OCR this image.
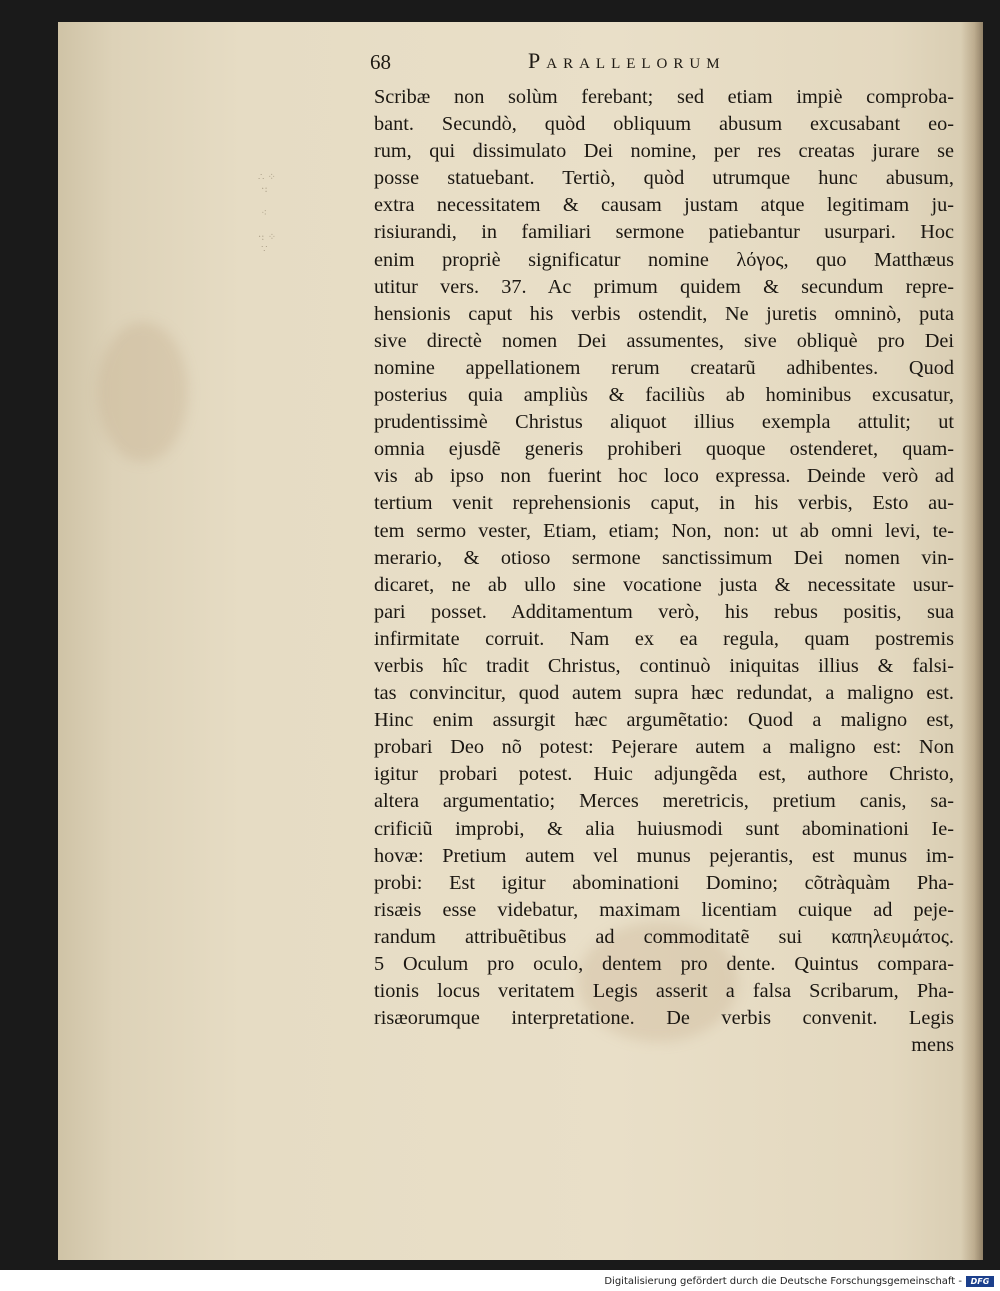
∴ ⁘
·:

⁖

·: ⁘
∵
68	Parallelorum
Scribæ non solùm ferebant; sed etiam impiè comproba-
bant. Secundò, quòd obliquum abusum excusabant eo-
rum, qui dissimulato Dei nomine, per res creatas jurare se
posse statuebant. Tertiò, quòd utrumque hunc abusum,
extra necessitatem & causam justam atque legitimam ju-
risiurandi, in familiari sermone patiebantur usurpari. Hoc
enim propriè significatur nomine λόγος, quo Matthæus
utitur vers. 37. Ac primum quidem & secundum repre-
hensionis caput his verbis ostendit, Ne juretis omninò, puta
sive directè nomen Dei assumentes, sive obliquè pro Dei
nomine appellationem rerum creatarũ adhibentes. Quod
posterius quia ampliùs & faciliùs ab hominibus excusatur,
prudentissimè Christus aliquot illius exempla attulit; ut
omnia ejusdẽ generis prohiberi quoque ostenderet, quam-
vis ab ipso non fuerint hoc loco expressa. Deinde verò ad
tertium venit reprehensionis caput, in his verbis, Esto au-
tem sermo vester, Etiam, etiam; Non, non: ut ab omni levi, te-
merario, & otioso sermone sanctissimum Dei nomen vin-
dicaret, ne ab ullo sine vocatione justa & necessitate usur-
pari posset. Additamentum verò, his rebus positis, sua
infirmitate corruit. Nam ex ea regula, quam postremis
verbis hîc tradit Christus, continuò iniquitas illius & falsi-
tas convincitur, quod autem supra hæc redundat, a maligno est.
Hinc enim assurgit hæc argumẽtatio: Quod a maligno est,
probari Deo nõ potest: Pejerare autem a maligno est: Non
igitur probari potest. Huic adjungẽda est, authore Christo,
altera argumentatio; Merces meretricis, pretium canis, sa-
crificiũ improbi, & alia huiusmodi sunt abominationi Ie-
hovæ: Pretium autem vel munus pejerantis, est munus im-
probi: Est igitur abominationi Domino; cõtràquàm Pha-
risæis esse videbatur, maximam licentiam cuique ad peje-
randum attribuẽtibus ad commoditatẽ sui καπηλευμάτος.
5 Oculum pro oculo, dentem pro dente. Quintus compara-
tionis locus veritatem Legis asserit a falsa Scribarum, Pha-
risæorumque interpretatione. De verbis convenit. Legis
mens
Digitalisierung gefördert durch die Deutsche Forschungsgemeinschaft -	DFG
